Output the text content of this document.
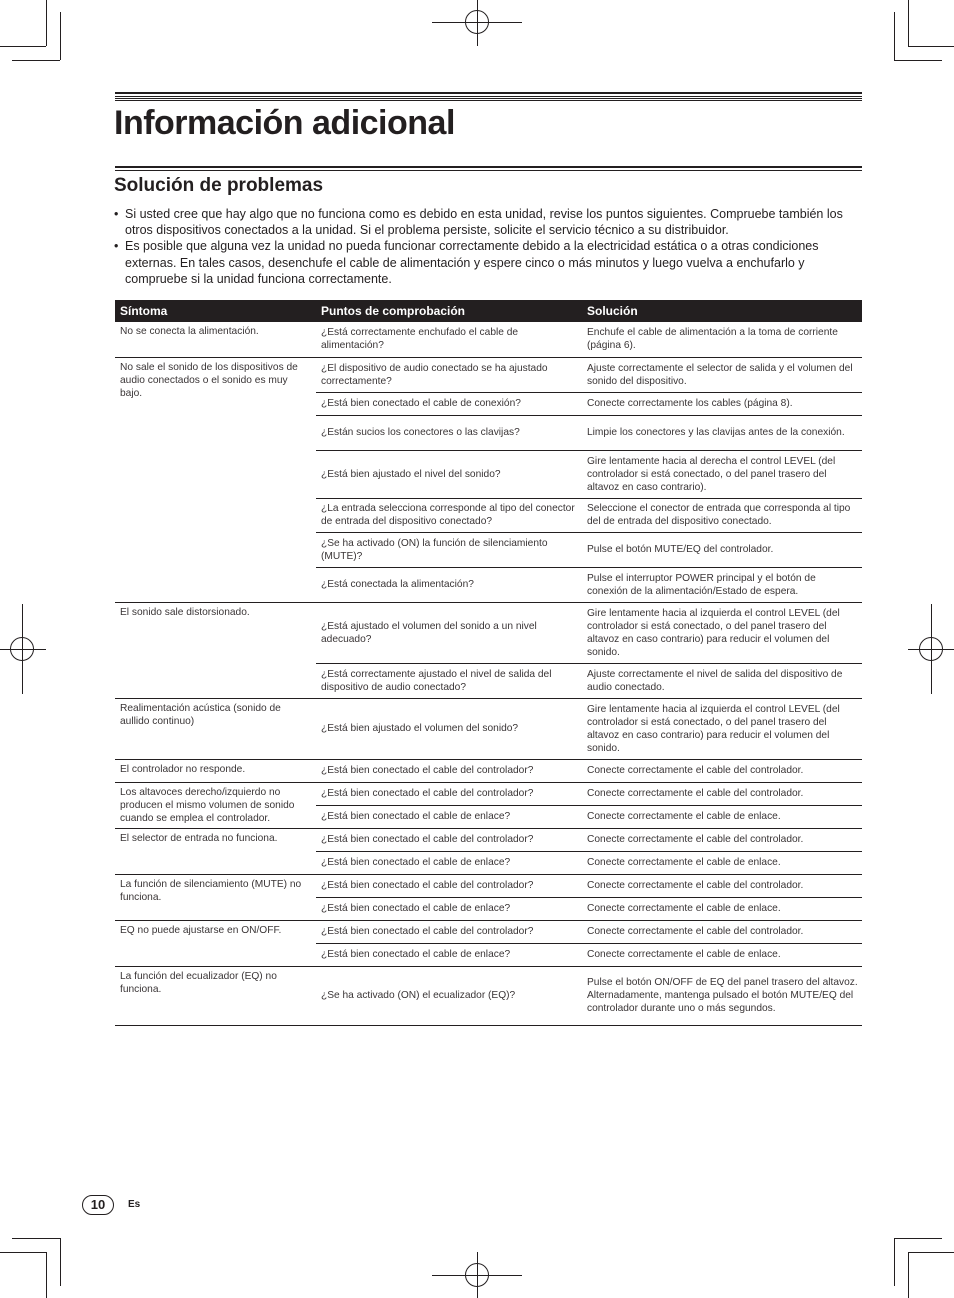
Información adicional
Solución de problemas
• Si usted cree que hay algo que no funciona como es debido en esta unidad, revise los puntos siguientes. Compruebe también los otros dispositivos conectados a la unidad. Si el problema persiste, solicite el servicio técnico a su distribuidor.
• Es posible que alguna vez la unidad no pueda funcionar correctamente debido a la electricidad estática o a otras condiciones externas. En tales casos, desenchufe el cable de alimentación y espere cinco o más minutos y luego vuelva a enchufarlo y compruebe si la unidad funciona correctamente.
Síntoma	Puntos de comprobación	Solución
No se conecta la alimentación.	¿Está correctamente enchufado el cable de alimentación?	Enchufe el cable de alimentación a la toma de corriente (página 6).
No sale el sonido de los dispositivos de audio conectados o el sonido es muy bajo.	¿El dispositivo de audio conectado se ha ajustado correctamente?	Ajuste correctamente el selector de salida y el volumen del sonido del dispositivo.
	¿Está bien conectado el cable de conexión?	Conecte correctamente los cables (página 8).
	¿Están sucios los conectores o las clavijas?	Limpie los conectores y las clavijas antes de la conexión.
	¿Está bien ajustado el nivel del sonido?	Gire lentamente hacia al derecha el control LEVEL (del controlador si está conectado, o del panel trasero del altavoz en caso contrario).
	¿La entrada selecciona corresponde al tipo del conector de entrada del dispositivo conectado?	Seleccione el conector de entrada que corresponda al tipo del de entrada del dispositivo conectado.
	¿Se ha activado (ON) la función de silenciamiento (MUTE)?	Pulse el botón MUTE/EQ del controlador.
	¿Está conectada la alimentación?	Pulse el interruptor POWER principal y el botón de conexión de la alimentación/Estado de espera.
El sonido sale distorsionado.	¿Está ajustado el volumen del sonido a un nivel adecuado?	Gire lentamente hacia al izquierda el control LEVEL (del controlador si está conectado, o del panel trasero del altavoz en caso contrario) para reducir el volumen del sonido.
	¿Está correctamente ajustado el nivel de salida del dispositivo de audio conectado?	Ajuste correctamente el nivel de salida del dispositivo de audio conectado.
Realimentación acústica (sonido de aullido continuo)	¿Está bien ajustado el volumen del sonido?	Gire lentamente hacia al izquierda el control LEVEL (del controlador si está conectado, o del panel trasero del altavoz en caso contrario) para reducir el volumen del sonido.
El controlador no responde.	¿Está bien conectado el cable del controlador?	Conecte correctamente el cable del controlador.
Los altavoces derecho/izquierdo no producen el mismo volumen de sonido cuando se emplea el controlador.	¿Está bien conectado el cable del controlador?	Conecte correctamente el cable del controlador.
	¿Está bien conectado el cable de enlace?	Conecte correctamente el cable de enlace.
El selector de entrada no funciona.	¿Está bien conectado el cable del controlador?	Conecte correctamente el cable del controlador.
	¿Está bien conectado el cable de enlace?	Conecte correctamente el cable de enlace.
La función de silenciamiento (MUTE) no funciona.	¿Está bien conectado el cable del controlador?	Conecte correctamente el cable del controlador.
	¿Está bien conectado el cable de enlace?	Conecte correctamente el cable de enlace.
EQ no puede ajustarse en ON/OFF.	¿Está bien conectado el cable del controlador?	Conecte correctamente el cable del controlador.
	¿Está bien conectado el cable de enlace?	Conecte correctamente el cable de enlace.
La función del ecualizador (EQ) no funciona.	¿Se ha activado (ON) el ecualizador (EQ)?	Pulse el botón ON/OFF de EQ del panel trasero del altavoz. Alternadamente, mantenga pulsado el botón MUTE/EQ del controlador durante uno o más segundos.
10	Es
